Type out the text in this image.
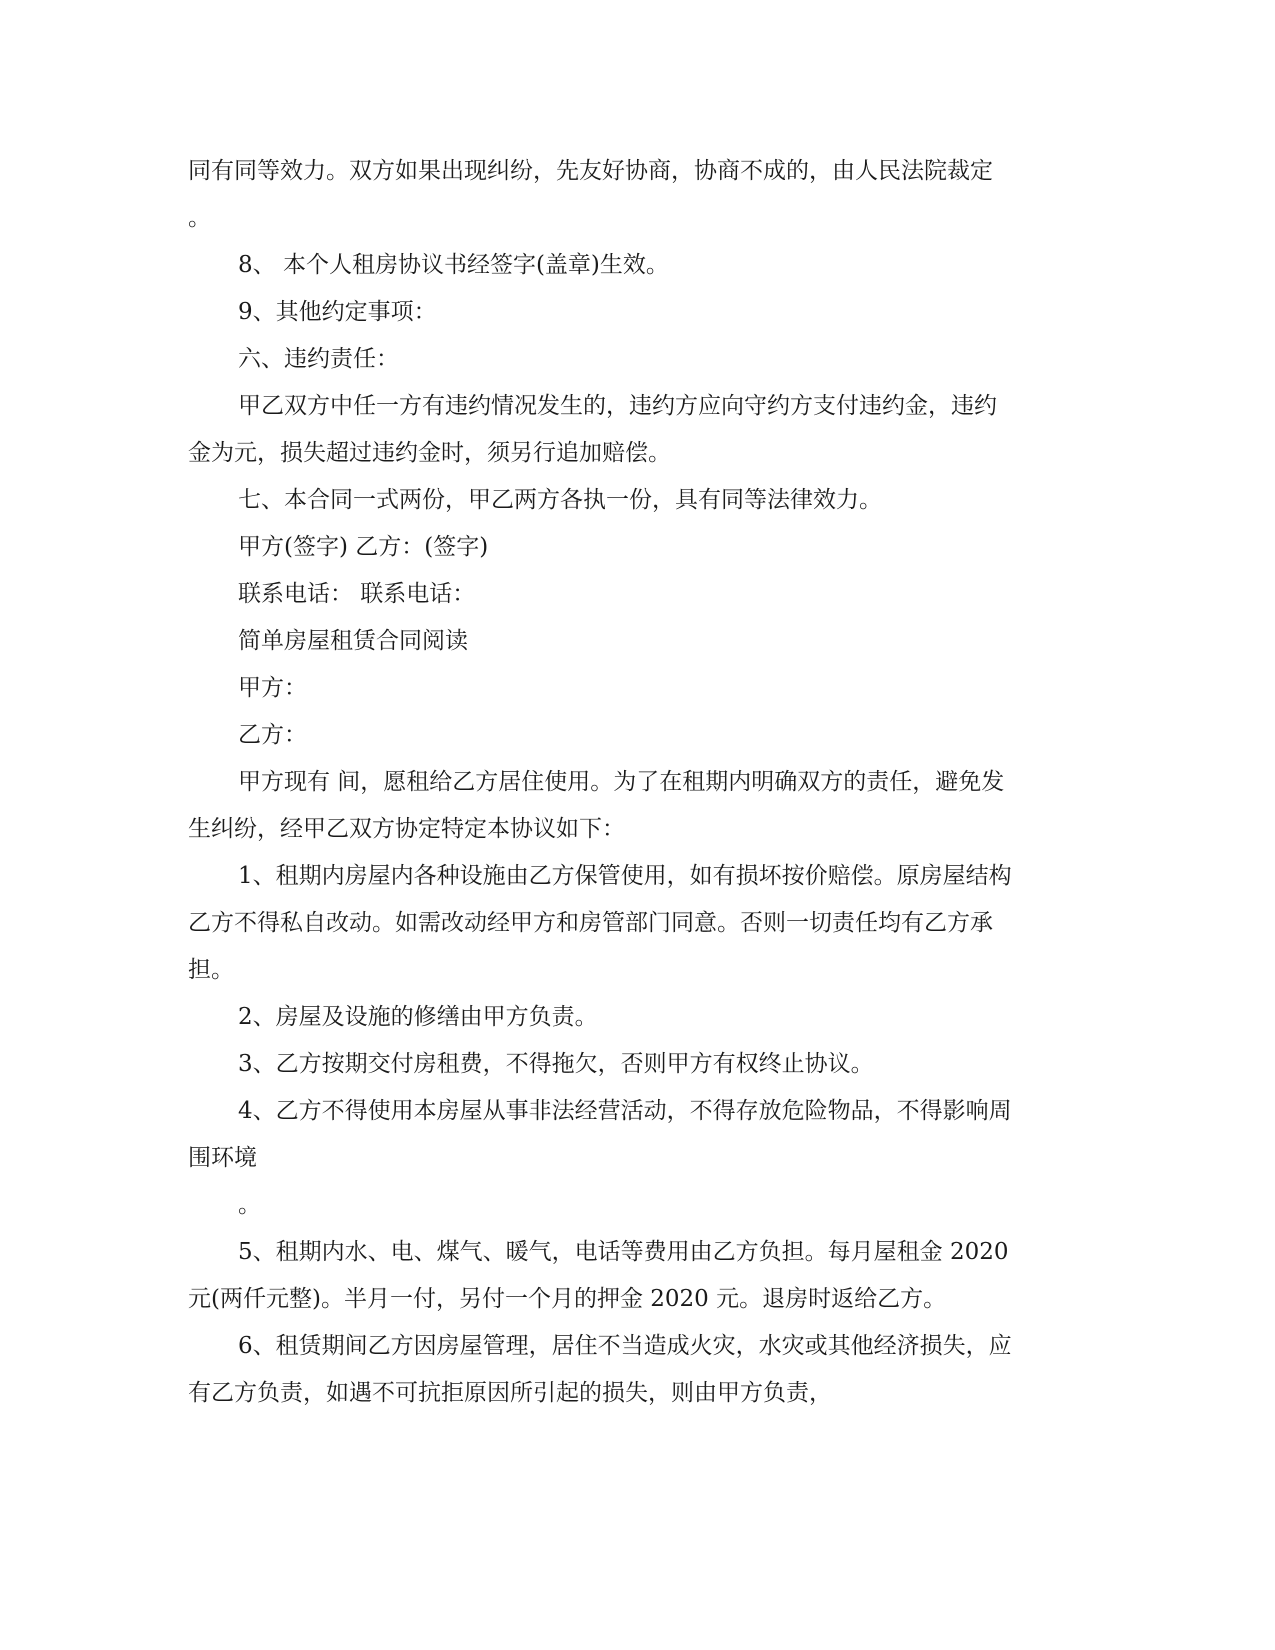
同有同等效力。双方如果出现纠纷，先友好协商，协商不成的，由人民法院裁定

。

8、 本个人租房协议书经签字(盖章)生效。

9、其他约定事项：

六、违约责任：

甲乙双方中任一方有违约情况发生的，违约方应向守约方支付违约金，违约

金为元，损失超过违约金时，须另行追加赔偿。

七、本合同一式两份，甲乙两方各执一份，具有同等法律效力。

甲方(签字) 乙方：(签字)

联系电话： 联系电话：

简单房屋租赁合同阅读

甲方：

乙方：

甲方现有 间，愿租给乙方居住使用。为了在租期内明确双方的责任，避免发

生纠纷，经甲乙双方协定特定本协议如下：

1、租期内房屋内各种设施由乙方保管使用，如有损坏按价赔偿。原房屋结构

乙方不得私自改动。如需改动经甲方和房管部门同意。否则一切责任均有乙方承

担。

2、房屋及设施的修缮由甲方负责。

3、乙方按期交付房租费，不得拖欠，否则甲方有权终止协议。

4、乙方不得使用本房屋从事非法经营活动，不得存放危险物品，不得影响周

围环境

。

5、租期内水、电、煤气、暖气，电话等费用由乙方负担。每月屋租金 2020

元(两仟元整)。半月一付，另付一个月的押金 2020 元。退房时返给乙方。

6、租赁期间乙方因房屋管理，居住不当造成火灾，水灾或其他经济损失，应

有乙方负责，如遇不可抗拒原因所引起的损失，则由甲方负责，
